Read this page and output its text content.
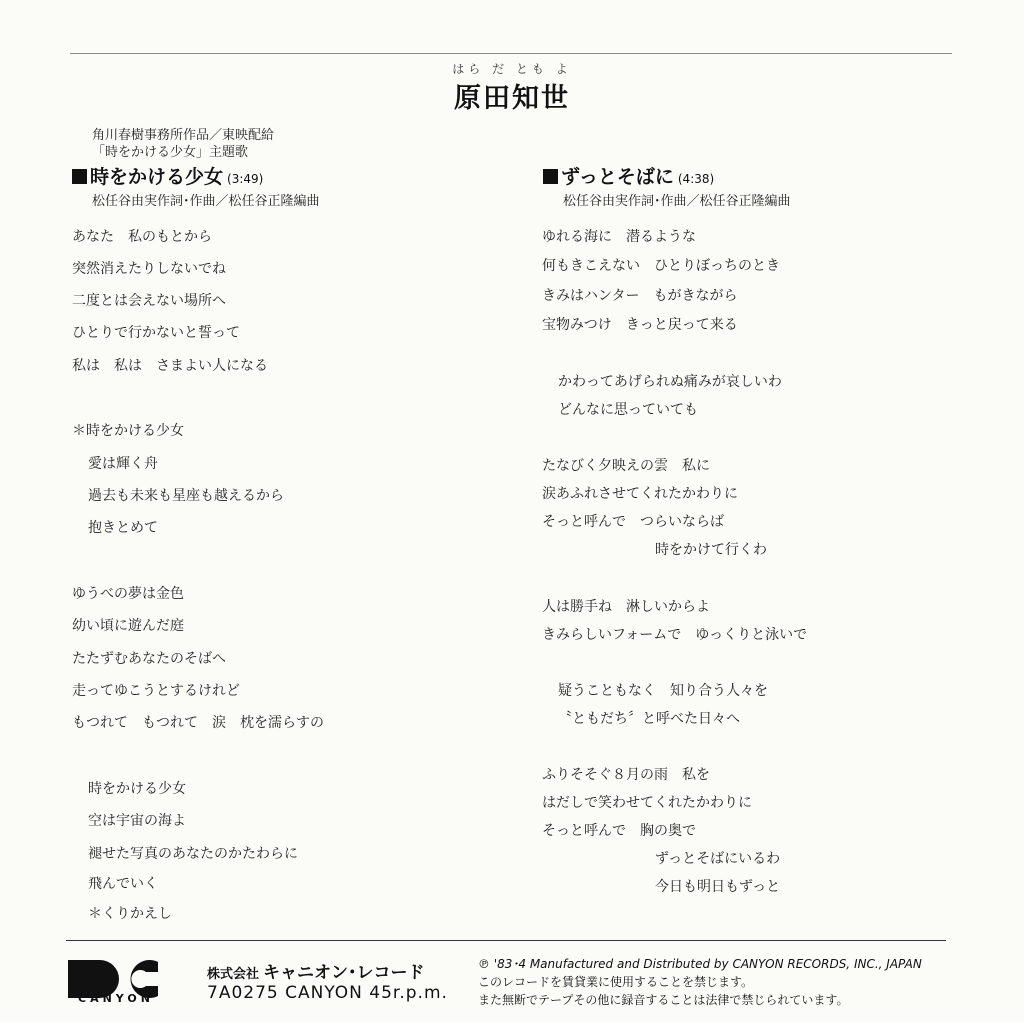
はら だ とも よ
原田知世
角川春樹事務所作品／東映配給
「時をかける少女」主題歌
時をかける少女 (3:49)
松任谷由実作詞･作曲／松任谷正隆編曲
あなた　私のもとから
突然消えたりしないでね
二度とは会えない場所へ
ひとりで行かないと誓って
私は　私は　さまよい人になる
＊時をかける少女
愛は輝く舟
過去も未来も星座も越えるから
抱きとめて
ゆうべの夢は金色
幼い頃に遊んだ庭
たたずむあなたのそばへ
走ってゆこうとするけれど
もつれて　もつれて　涙　枕を濡らすの
時をかける少女
空は宇宙の海よ
褪せた写真のあなたのかたわらに
飛んでいく
＊くりかえし
ずっとそばに (4:38)
松任谷由実作詞･作曲／松任谷正隆編曲
ゆれる海に　潜るような
何もきこえない　ひとりぼっちのとき
きみはハンター　もがきながら
宝物みつけ　きっと戻って来る
かわってあげられぬ痛みが哀しいわ
どんなに思っていても
たなびく夕映えの雲　私に
涙あふれさせてくれたかわりに
そっと呼んで　つらいならば
時をかけて行くわ
人は勝手ね　淋しいからよ
きみらしいフォームで　ゆっくりと泳いで
疑うこともなく　知り合う人々を
〝ともだち〞と呼べた日々へ
ふりそそぐ８月の雨　私を
はだしで笑わせてくれたかわりに
そっと呼んで　胸の奥で
ずっとそばにいるわ
今日も明日もずっと
CANYON
株式会社 キャニオン･レコード
7A0275 CANYON 45r.p.m.
℗ '83･4 Manufactured and Distributed by CANYON RECORDS, INC., JAPAN
このレコードを賃貸業に使用することを禁じます。
また無断でテープその他に録音することは法律で禁じられています。
